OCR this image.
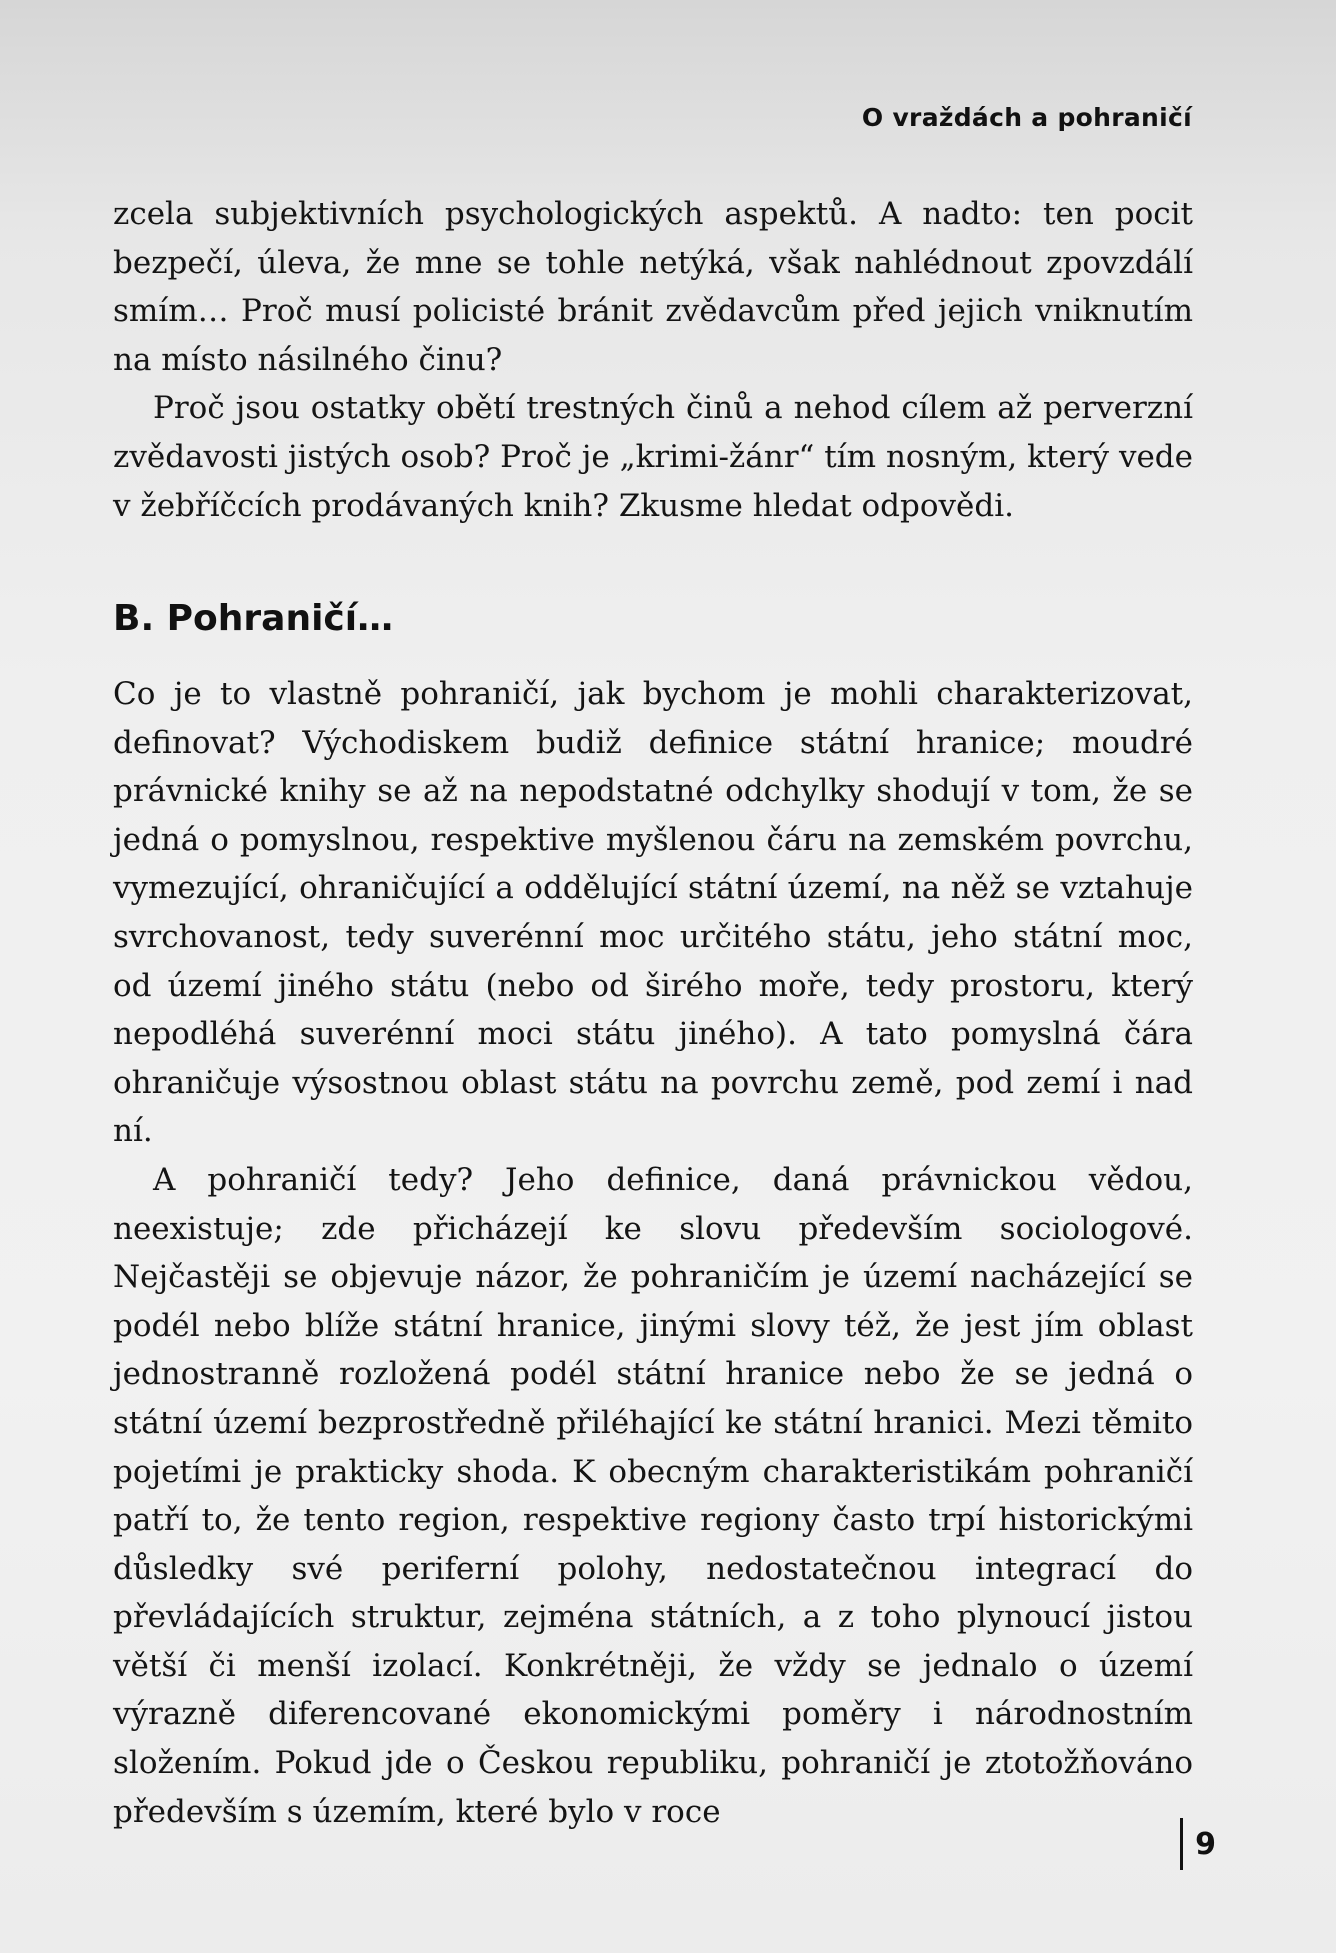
O vraždách a pohraničí

zcela subjektivních psychologických aspektů. A nadto: ten pocit bezpečí, úleva, že mne se tohle netýká, však nahlédnout zpovzdálí smím… Proč musí policisté bránit zvědavcům před jejich vniknutím na místo násilného činu?

Proč jsou ostatky obětí trestných činů a nehod cílem až perverzní zvědavosti jistých osob? Proč je „krimi-žánr“ tím nosným, který vede v žebříčcích prodávaných knih? Zkusme hledat odpovědi.

B. Pohraničí…

Co je to vlastně pohraničí, jak bychom je mohli charakterizovat, definovat? Východiskem budiž definice státní hranice; moudré právnické knihy se až na nepodstatné odchylky shodují v tom, že se jedná o pomyslnou, respektive myšlenou čáru na zemském povrchu, vymezující, ohraničující a oddělující státní území, na něž se vztahuje svrchovanost, tedy suverénní moc určitého státu, jeho státní moc, od území jiného státu (nebo od širého moře, tedy prostoru, který nepodléhá suverénní moci státu jiného). A tato pomyslná čára ohraničuje výsostnou oblast státu na povrchu země, pod zemí i nad ní.

A pohraničí tedy? Jeho definice, daná právnickou vědou, neexistuje; zde přicházejí ke slovu především sociologové. Nejčastěji se objevuje názor, že pohraničím je území nacházející se podél nebo blíže státní hranice, jinými slovy též, že jest jím oblast jednostranně rozložená podél státní hranice nebo že se jedná o státní území bezprostředně přiléhající ke státní hranici. Mezi těmito pojetími je prakticky shoda. K obecným charakteristikám pohraničí patří to, že tento region, respektive regiony často trpí historickými důsledky své periferní polohy, nedostatečnou integrací do převládajících struktur, zejména státních, a z toho plynoucí jistou větší či menší izolací. Konkrétněji, že vždy se jednalo o území výrazně diferencované ekonomickými poměry i národnostním složením. Pokud jde o Českou republiku, pohraničí je ztotožňováno především s územím, které bylo v roce

9
